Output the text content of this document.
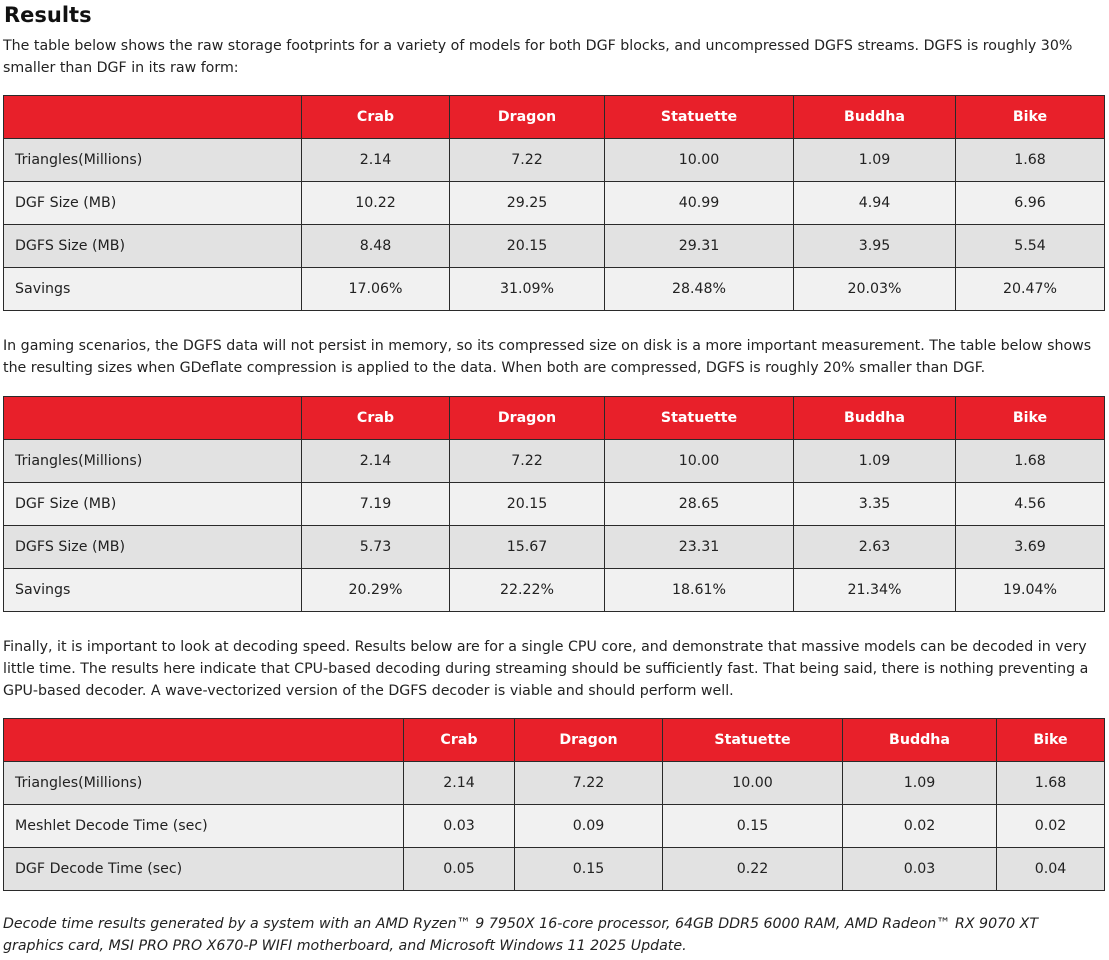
Results

The table below shows the raw storage footprints for a variety of models for both DGF blocks, and uncompressed DGFS streams. DGFS is roughly 30% smaller than DGF in its raw form:

	Crab	Dragon	Statuette	Buddha	Bike
Triangles(Millions)	2.14	7.22	10.00	1.09	1.68
DGF Size (MB)	10.22	29.25	40.99	4.94	6.96
DGFS Size (MB)	8.48	20.15	29.31	3.95	5.54
Savings	17.06%	31.09%	28.48%	20.03%	20.47%

In gaming scenarios, the DGFS data will not persist in memory, so its compressed size on disk is a more important measurement. The table below shows the resulting sizes when GDeflate compression is applied to the data. When both are compressed, DGFS is roughly 20% smaller than DGF.

	Crab	Dragon	Statuette	Buddha	Bike
Triangles(Millions)	2.14	7.22	10.00	1.09	1.68
DGF Size (MB)	7.19	20.15	28.65	3.35	4.56
DGFS Size (MB)	5.73	15.67	23.31	2.63	3.69
Savings	20.29%	22.22%	18.61%	21.34%	19.04%

Finally, it is important to look at decoding speed. Results below are for a single CPU core, and demonstrate that massive models can be decoded in very little time. The results here indicate that CPU-based decoding during streaming should be sufficiently fast. That being said, there is nothing preventing a GPU-based decoder. A wave-vectorized version of the DGFS decoder is viable and should perform well.

	Crab	Dragon	Statuette	Buddha	Bike
Triangles(Millions)	2.14	7.22	10.00	1.09	1.68
Meshlet Decode Time (sec)	0.03	0.09	0.15	0.02	0.02
DGF Decode Time (sec)	0.05	0.15	0.22	0.03	0.04

Decode time results generated by a system with an AMD Ryzen™ 9 7950X 16-core processor, 64GB DDR5 6000 RAM, AMD Radeon™ RX 9070 XT graphics card, MSI PRO PRO X670-P WIFI motherboard, and Microsoft Windows 11 2025 Update.
